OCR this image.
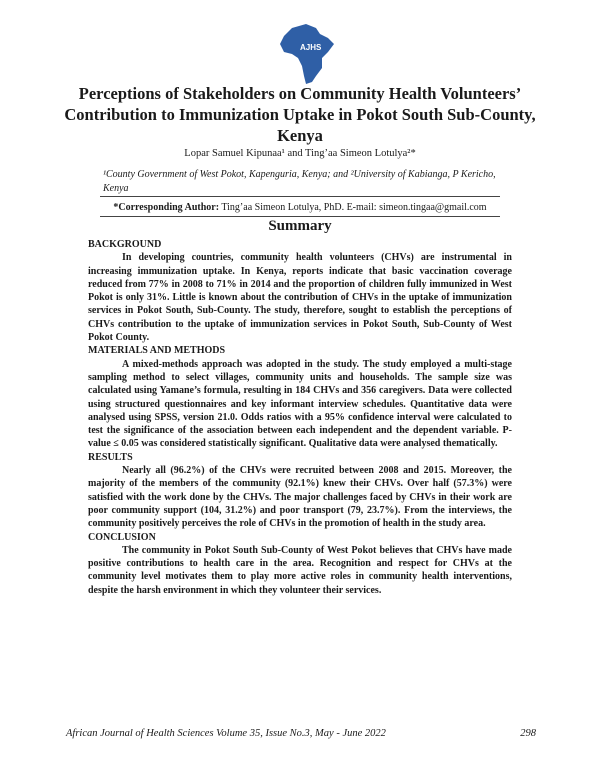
AJHS
Perceptions of Stakeholders on Community Health Volunteers’ Contribution to Immunization Uptake in Pokot South Sub-County, Kenya
Lopar Samuel Kipunaa¹ and Ting’aa Simeon Lotulya²*
¹County Government of West Pokot, Kapenguria, Kenya; and ²University of Kabianga, P Kericho, Kenya
*Corresponding Author: Ting’aa Simeon Lotulya, PhD. E-mail: simeon.tingaa@gmail.com
Summary

BACKGROUND

In developing countries, community health volunteers (CHVs) are instrumental in increasing immunization uptake. In Kenya, reports indicate that basic vaccination coverage reduced from 77% in 2008 to 71% in 2014 and the proportion of children fully immunized in West Pokot is only 31%. Little is known about the contribution of CHVs in the uptake of immunization services in Pokot South, Sub-County. The study, therefore, sought to establish the perceptions of CHVs contribution to the uptake of immunization services in Pokot South, Sub-County of West Pokot County.

MATERIALS AND METHODS

A mixed-methods approach was adopted in the study. The study employed a multi-stage sampling method to select villages, community units and households. The sample size was calculated using Yamane’s formula, resulting in 184 CHVs and 356 caregivers. Data were collected using structured questionnaires and key informant interview schedules. Quantitative data were analysed using SPSS, version 21.0. Odds ratios with a 95% confidence interval were calculated to test the significance of the association between each independent and the dependent variable. P-value ≤ 0.05 was considered statistically significant. Qualitative data were analysed thematically.

RESULTS

Nearly all (96.2%) of the CHVs were recruited between 2008 and 2015. Moreover, the majority of the members of the community (92.1%) knew their CHVs. Over half (57.3%) were satisfied with the work done by the CHVs. The major challenges faced by CHVs in their work are poor community support (104, 31.2%) and poor transport (79, 23.7%). From the interviews, the community positively perceives the role of CHVs in the promotion of health in the study area.

CONCLUSION

The community in Pokot South Sub-County of West Pokot believes that CHVs have made positive contributions to health care in the area. Recognition and respect for CHVs at the community level motivates them to play more active roles in community health interventions, despite the harsh environment in which they volunteer their services.

African Journal of Health Sciences Volume 35, Issue No.3, May - June 2022	298
